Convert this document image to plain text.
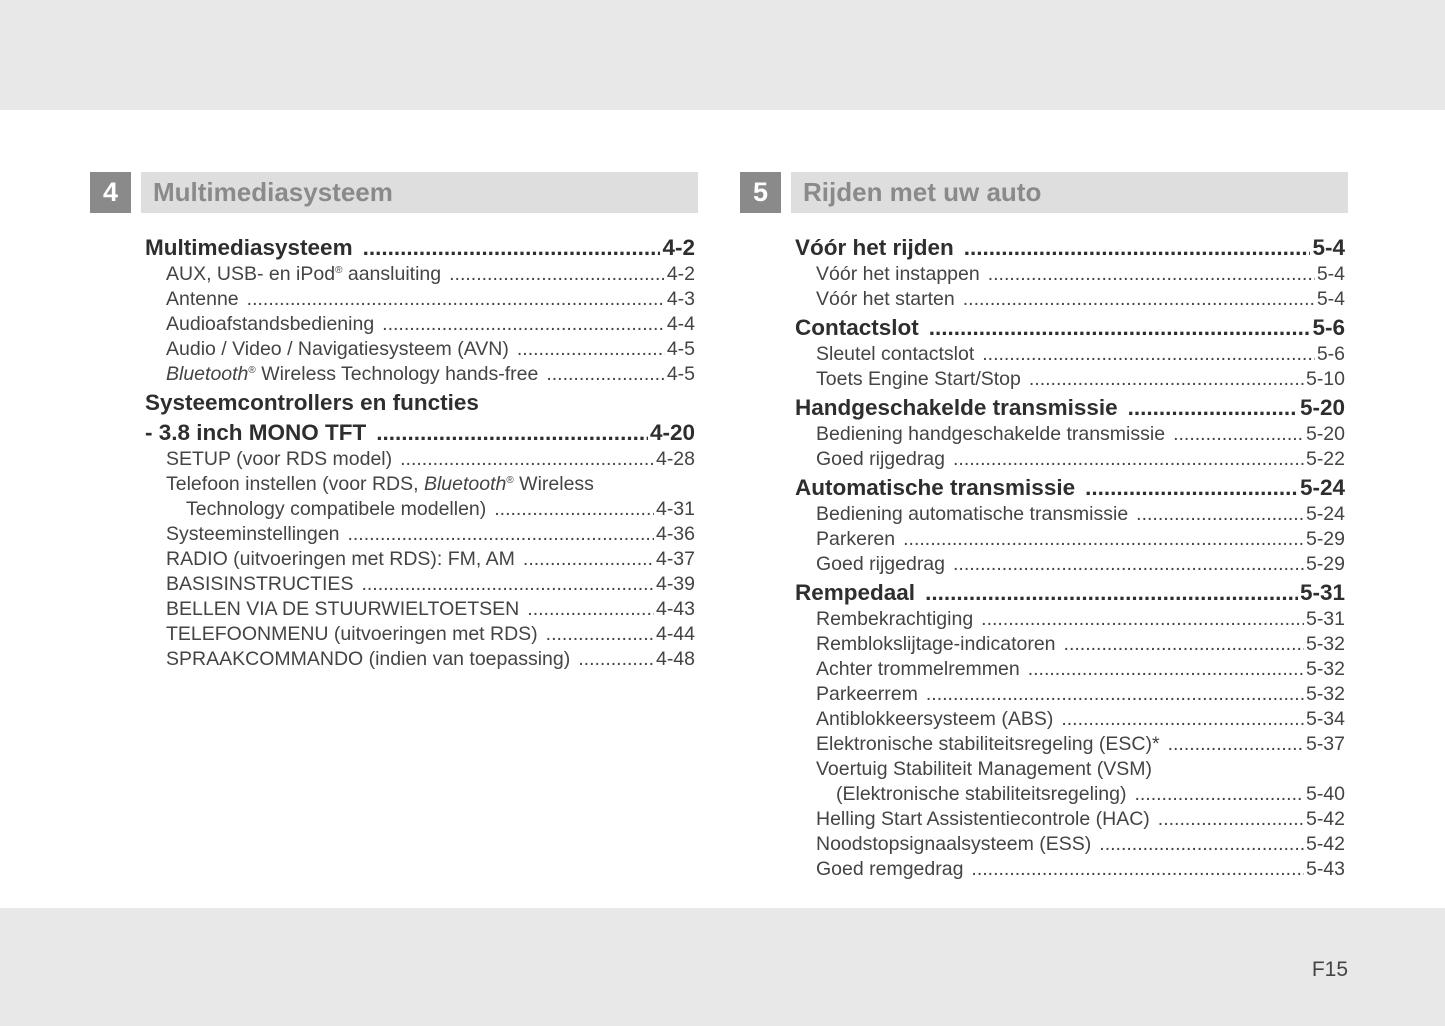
4	Multimediasysteem	5	Rijden met uw auto
Multimediasysteem .....	4-2
AUX, USB- en iPod® aansluiting .....	4-2
Antenne .....	4-3
Audioafstandsbediening .....	4-4
Audio / Video / Navigatiesysteem (AVN) .....	4-5
Bluetooth® Wireless Technology hands-free .....	4-5
Systeemcontrollers en functies
- 3.8 inch MONO TFT .....	4-20
SETUP (voor RDS model) .....	4-28
Telefoon instellen (voor RDS, Bluetooth® Wireless
Technology compatibele modellen) .....	4-31
Systeeminstellingen .....	4-36
RADIO (uitvoeringen met RDS): FM, AM .....	4-37
BASISINSTRUCTIES .....	4-39
BELLEN VIA DE STUURWIELTOETSEN .....	4-43
TELEFOONMENU (uitvoeringen met RDS) .....	4-44
SPRAAKCOMMANDO (indien van toepassing) .....	4-48
Vóór het rijden .....	5-4
Vóór het instappen .....	5-4
Vóór het starten .....	5-4
Contactslot .....	5-6
Sleutel contactslot .....	5-6
Toets Engine Start/Stop .....	5-10
Handgeschakelde transmissie .....	5-20
Bediening handgeschakelde transmissie .....	5-20
Goed rijgedrag .....	5-22
Automatische transmissie .....	5-24
Bediening automatische transmissie .....	5-24
Parkeren .....	5-29
Goed rijgedrag .....	5-29
Rempedaal .....	5-31
Rembekrachtiging .....	5-31
Remblokslijtage-indicatoren .....	5-32
Achter trommelremmen .....	5-32
Parkeerrem .....	5-32
Antiblokkeersysteem (ABS) .....	5-34
Elektronische stabiliteitsregeling (ESC)* .....	5-37
Voertuig Stabiliteit Management (VSM)
(Elektronische stabiliteitsregeling) .....	5-40
Helling Start Assistentiecontrole (HAC) .....	5-42
Noodstopsignaalsysteem (ESS) .....	5-42
Goed remgedrag .....	5-43
F15
